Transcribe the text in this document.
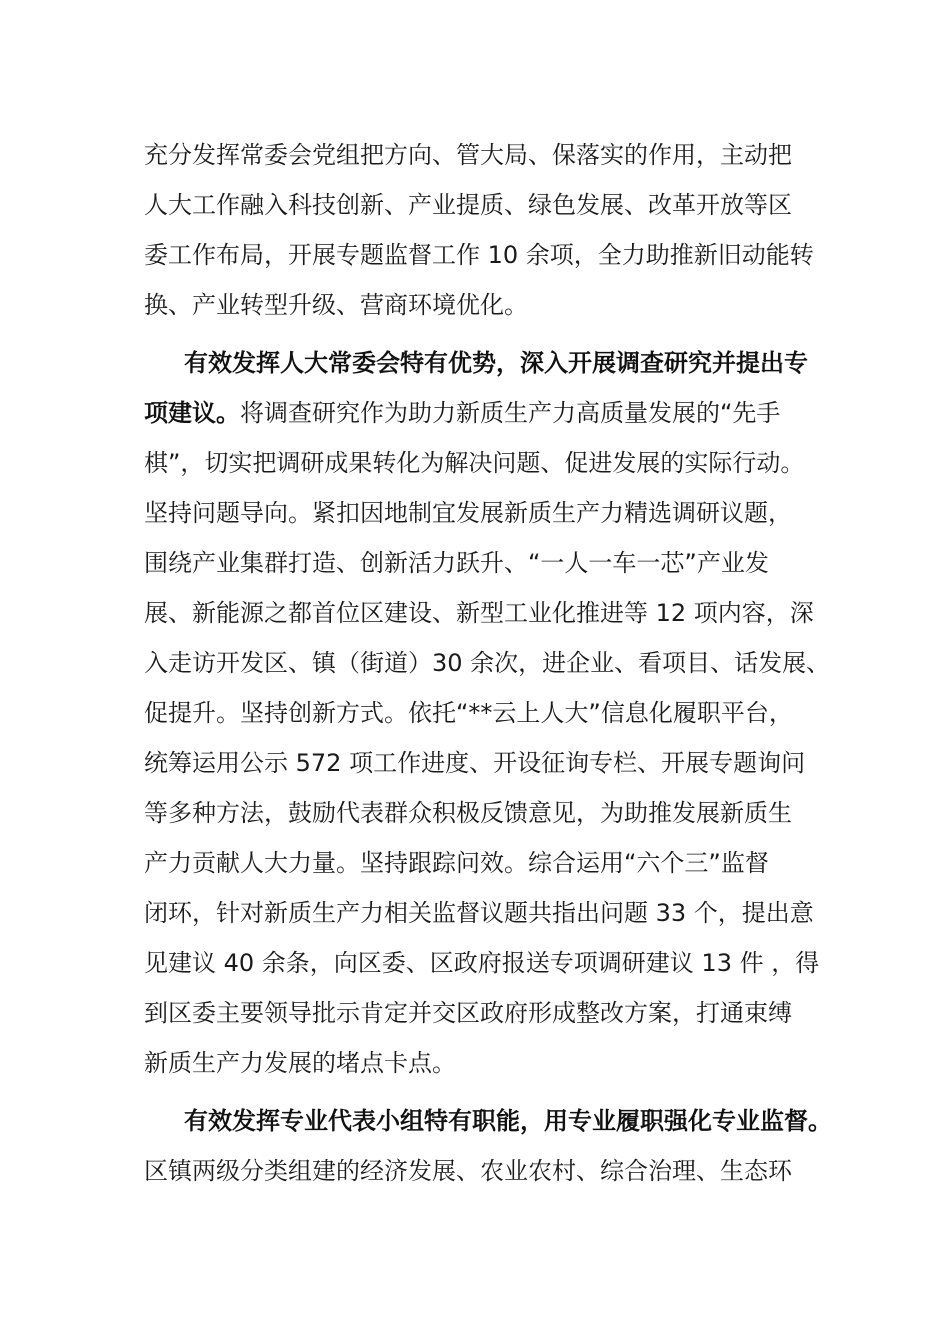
充分发挥常委会党组把方向、管大局、保落实的作用，主动把
人大工作融入科技创新、产业提质、绿色发展、改革开放等区
委工作布局，开展专题监督工作 10 余项，全力助推新旧动能转
换、产业转型升级、营商环境优化。
有效发挥人大常委会特有优势，深入开展调查研究并提出专
项建议。将调查研究作为助力新质生产力高质量发展的“先手
棋”，切实把调研成果转化为解决问题、促进发展的实际行动。
坚持问题导向。紧扣因地制宜发展新质生产力精选调研议题，
围绕产业集群打造、创新活力跃升、“一人一车一芯”产业发
展、新能源之都首位区建设、新型工业化推进等 12 项内容，深
入走访开发区、镇（街道）30 余次，进企业、看项目、话发展、
促提升。坚持创新方式。依托“**云上人大”信息化履职平台，
统筹运用公示 572 项工作进度、开设征询专栏、开展专题询问
等多种方法，鼓励代表群众积极反馈意见，为助推发展新质生
产力贡献人大力量。坚持跟踪问效。综合运用“六个三”监督
闭环，针对新质生产力相关监督议题共指出问题 33 个，提出意
见建议 40 余条，向区委、区政府报送专项调研建议 13 件 ，得
到区委主要领导批示肯定并交区政府形成整改方案，打通束缚
新质生产力发展的堵点卡点。
有效发挥专业代表小组特有职能，用专业履职强化专业监督。
区镇两级分类组建的经济发展、农业农村、综合治理、生态环
